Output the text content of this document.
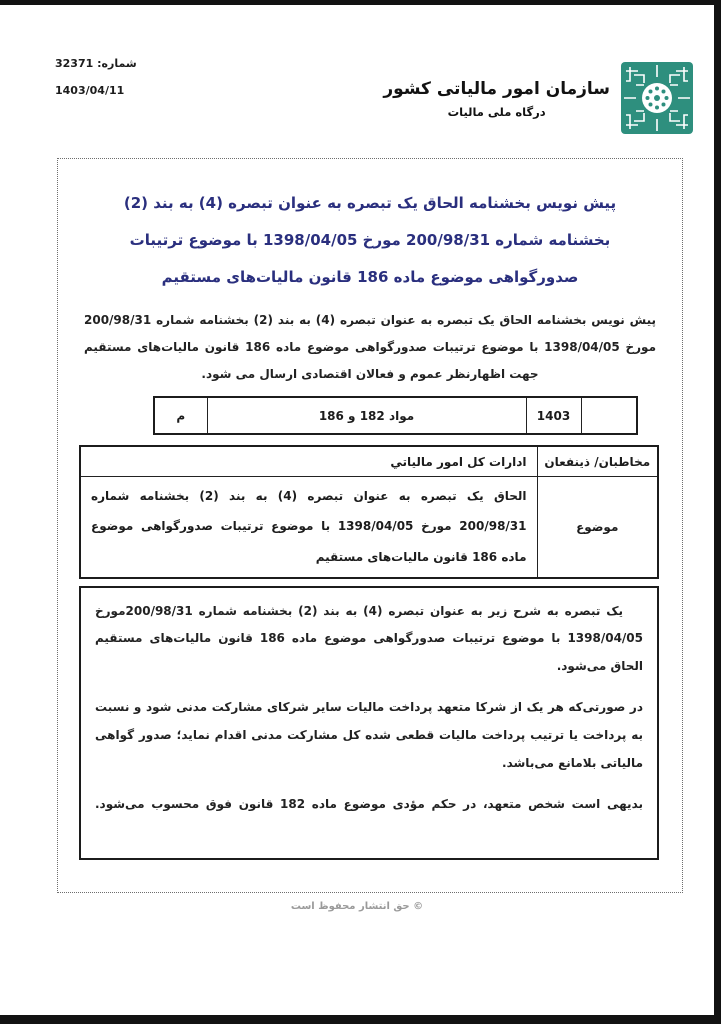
شماره: 32371
1403/04/11	سازمان امور مالیاتی کشور
درگاه ملی مالیات
پیش نویس بخشنامه الحاق یک تبصره به عنوان تبصره (4) به بند (2) بخشنامه شماره 200/98/31 مورخ 1398/04/05 با موضوع ترتیبات صدورگواهی موضوع ماده 186 قانون مالیات‌های مستقیم
پیش نویس بخشنامه الحاق یک تبصره به عنوان تبصره (4) به بند (2) بخشنامه شماره 200/98/31 مورخ 1398/04/05 با موضوع ترتیبات صدورگواهی موضوع ماده 186 قانون مالیات‌های مستقیم جهت اظهارنظر عموم و فعالان اقتصادی ارسال می شود.
	1403	مواد 182 و 186	م
مخاطبان/ ذینفعان	ادارات کل امور مالیاتي
موضوع	الحاق یک تبصره به عنوان تبصره (4) به بند (2) بخشنامه شماره 200/98/31 مورخ 1398/04/05 با موضوع ترتیبات صدورگواهی موضوع ماده 186 قانون مالیات‌های مستقیم

یک تبصره به شرح زیر به عنوان تبصره (4) به بند (2) بخشنامه شماره 200/98/31مورخ 1398/04/05 با موضوع ترتیبات صدورگواهی موضوع ماده 186 قانون مالیات‌های مستقیم الحاق می‌شود.

در صورتی‌که هر یک از شرکا متعهد پرداخت مالیات سایر شرکای مشارکت مدنی شود و نسبت به پرداخت یا ترتیب پرداخت مالیات قطعی شده کل مشارکت مدنی اقدام نماید؛ صدور گواهی مالیاتی بلامانع می‌باشد.

بدیهی است شخص متعهد، در حکم مؤدی موضوع ماده 182 قانون فوق محسوب می‌شود.

© حق انتشار محفوظ است
